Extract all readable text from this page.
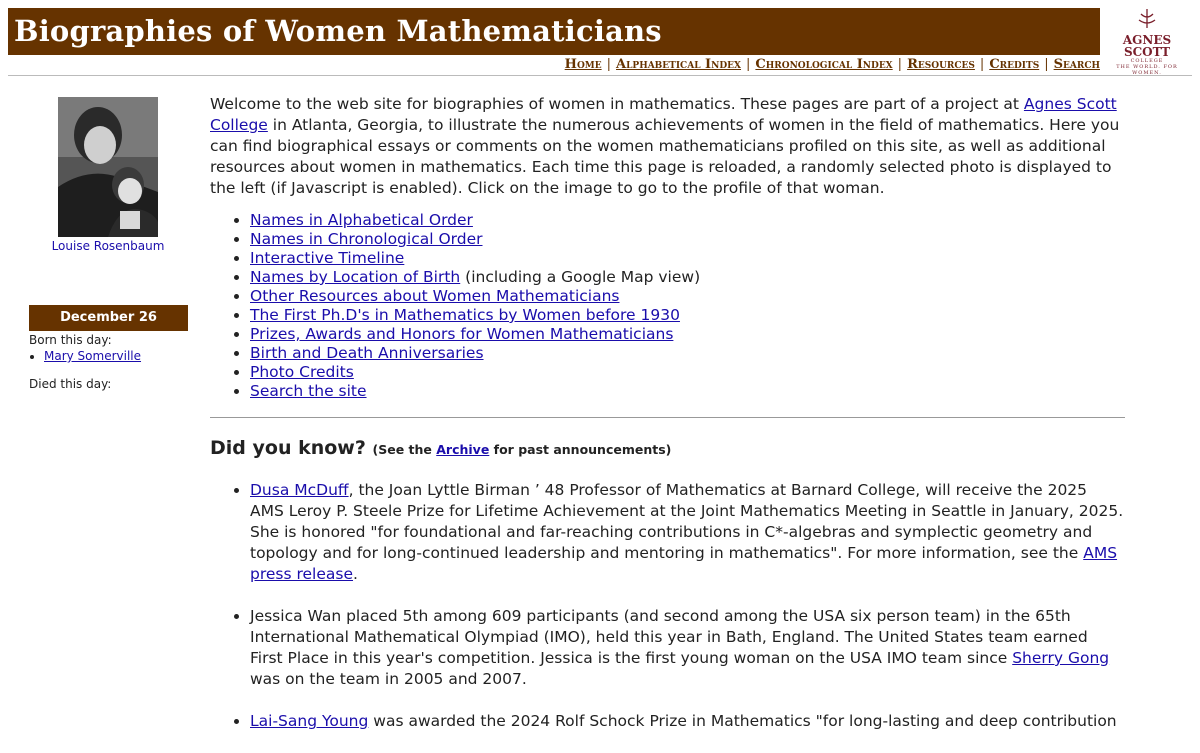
Biographies of Women Mathematicians	AGNES SCOTT
COLLEGE
THE WORLD. FOR WOMEN.
Home | Alphabetical Index | Chronological Index | Resources | Credits | Search
Louise Rosenbaum
December 26
Born this day:
• Mary Somerville
Died this day:

Welcome to the web site for biographies of women in mathematics. These pages are part of a project at Agnes Scott College in Atlanta, Georgia, to illustrate the numerous achievements of women in the field of mathematics. Here you can find biographical essays or comments on the women mathematicians profiled on this site, as well as additional resources about women in mathematics. Each time this page is reloaded, a randomly selected photo is displayed to the left (if Javascript is enabled). Click on the image to go to the profile of that woman.

• Names in Alphabetical Order
• Names in Chronological Order
• Interactive Timeline
• Names by Location of Birth (including a Google Map view)
• Other Resources about Women Mathematicians
• The First Ph.D's in Mathematics by Women before 1930
• Prizes, Awards and Honors for Women Mathematicians
• Birth and Death Anniversaries
• Photo Credits
• Search the site
Did you know? (See the Archive for past announcements)
• Dusa McDuff, the Joan Lyttle Birman ’ 48 Professor of Mathematics at Barnard College, will receive the 2025 AMS Leroy P. Steele Prize for Lifetime Achievement at the Joint Mathematics Meeting in Seattle in January, 2025. She is honored "for foundational and far-reaching contributions in C*-algebras and symplectic geometry and topology and for long-continued leadership and mentoring in mathematics". For more information, see the AMS press release.
• Jessica Wan placed 5th among 609 participants (and second among the USA six person team) in the 65th International Mathematical Olympiad (IMO), held this year in Bath, England. The United States team earned First Place in this year's competition. Jessica is the first young woman on the USA IMO team since Sherry Gong was on the team in 2005 and 2007.
• Lai-Sang Young was awarded the 2024 Rolf Schock Prize in Mathematics "for long-lasting and deep contribution
